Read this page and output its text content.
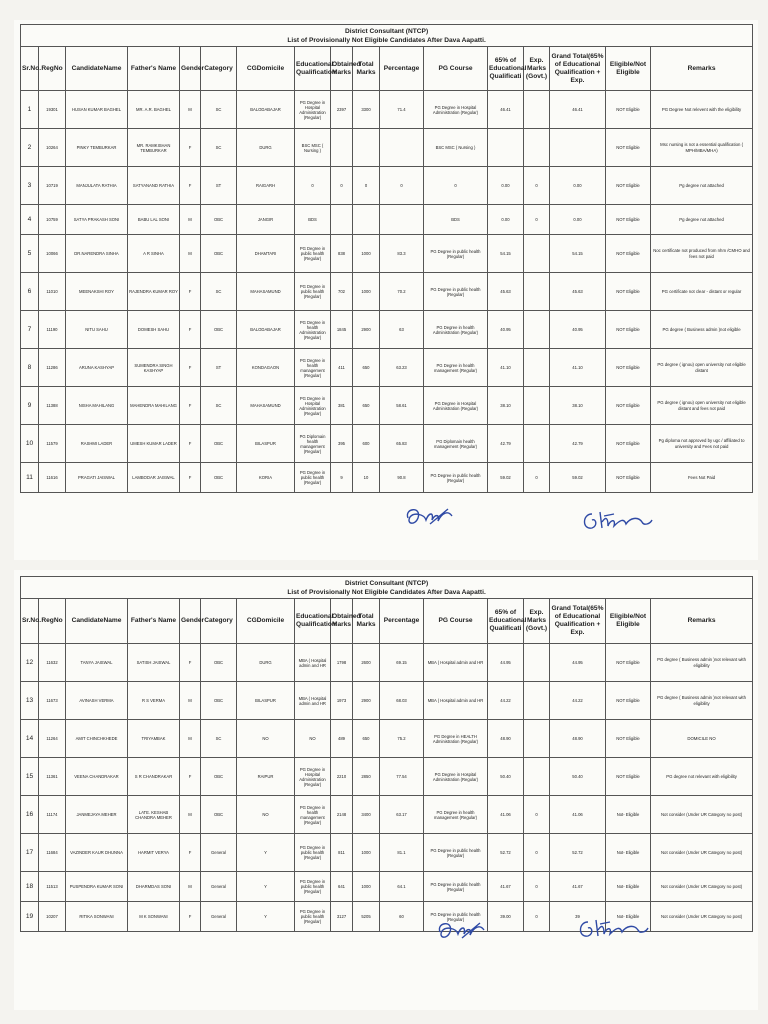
District Consultant (NTCP)
List of Provisionally Not Eligible Candidates After Dava Aapatti.																

Sr.No.	RegNo	CandidateName	Father's Name	Gender	Category	CGDomicile	Educational Qualification	Obtained Marks	Total Marks	Percentage	PG Course	65% of Educational Qualificati	Exp. Marks (Govt.)	Grand Total(65% of Educational Qualification + Exp.	Eligible/Not Eligible	Remarks
1	19301	HUSAN KUMAR BAGHEL	MR. A.R. BAGHEL	M	SC	BALODABAJAR	PG Degree in Hospital Administration (Regular)	2397	3300	71.4	PG Degree in Hospital Administration (Regular)	46.41		46.41	NOT Eligible	PG Degree Not relevent with the eligibility
2	10264	PINKY TEMBURKAR	MR. RAMKISHAN TEMBURKAR	F	SC	DURG	BSC MSC ( Nursing )				BSC MSC ( Nursing )				NOT Eligible	Msc nursing is not a essential qualification ( MPH/MBA/MHA)
3	10719	MANJULATA RATHIA	SATYANAND RATHIA	F	ST	RAIGARH	0	0	0	0	0	0.00	0	0.00	NOT Eligible	Pg degree not attached
4	10759	SATYA PRAKASH SONI	BABU LAL SONI	M	OBC	JANGIR	BDS				BDS	0.00	0	0.00	NOT Eligible	Pg degree not attached
5	10066	DR.NARENDRA SINHA	A R SINHA	M	OBC	DHAMTARI	PG Degree in public health (Regular)	838	1000	83.3	PG Degree in public health (Regular)	54.15		54.15	NOT Eligible	Noc certificate not produced from nhm /CMHO and fees not paid
6	11010	MEENAKSHI ROY	RAJENDRA KUMAR ROY	F	SC	MAHASAMUND	PG Degree in public health (Regular)	702	1000	70.2	PG Degree in public health (Regular)	45.63		45.63	NOT Eligible	PG certificate not clear - distant or regular
7	11190	NITU SAHU	DOMESH SAHU	F	OBC	BALODABAJAR	PG Degree in health Administration (Regular)	1845	2900	63	PG Degree in health Administration (Regular)	40.95		40.95	NOT Eligible	PG degree ( Business admin )not eligible
8	11286	ARUNA KASHYAP	SUMENDRA SINGH KASHYAP	F	ST	KONDAGAON	PG Degree in health management (Regular)	411	650	63.23	PG Degree in health management (Regular)	41.10		41.10	NOT Eligible	PG degree ( ignou) open university not eligible distant
9	11388	NISHA MAHILANG	MAHENDRA MAHILANG	F	SC	MAHASAMUND	PG Degree in Hospital Administration (Regular)	381	650	58.61	PG Degree in Hospital Administration (Regular)	38.10		38.10	NOT Eligible	PG degree ( ignou) open university not eligible distant and fees not paid
10	11579	RASHMI LADER	UMESH KUMAR LADER	F	OBC	BILASPUR	PG Diplomain health management (Regular)	395	600	65.83	PG Diplomain health management (Regular)	42.79		42.79	NOT Eligible	Pg diploma not approved by ugc / affiliated to university and Fees not paid
11	11616	PRAGATI JAISWAL	LAMBODAR JAISWAL	F	OBC	KORIA	PG Degree in public health (Regular)	9	10	90.8	PG Degree in public health (Regular)	59.02	0	59.02	NOT Eligible	Fees Not Paid
District Consultant (NTCP)
List of Provisionally Not Eligible Candidates After Dava Aapatti.																

Sr.No.	RegNo	CandidateName	Father's Name	Gender	Category	CGDomicile	Educational Qualification	Obtained Marks	Total Marks	Percentage	PG Course	65% of Educational Qualificati	Exp. Marks (Govt.)	Grand Total(65% of Educational Qualification + Exp.	Eligible/Not Eligible	Remarks
12	11632	TANYA JAISWAL	SATISH JAISWAL	F	OBC	DURG	MBA ( Hospital admin and HR	1798	2600	69.15	MBA ( Hospital admin and HR	44.95		44.95	NOT Eligible	PG degree ( Business admin )not relevant with eligibility
13	11673	AVINASH VERMA	R S VERMA	M	OBC	BILASPUR	MBA ( Hospital admin and HR	1973	2900	68.03	MBA ( Hospital admin and HR	44.22		44.22	NOT Eligible	PG degree ( Business admin )not relevant with eligibility
14	11264	AMIT CHINCHKHEDE	TRIYAMBAK	M	SC	NO	NO	489	650	75.2	PG Degree in HEALTH Administration (Regular)	48.90		48.90	NOT Eligible	DOMICILE NO
15	11361	VEENA CHANDRAKAR	S R CHANDRAKAR	F	OBC	RAIPUR	PG Degree in Hospital Administration (Regular)	2210	2850	77.54	PG Degree in Hospital Administration (Regular)	50.40		50.40	NOT Eligible	PG degree not relevant with eligibility
16	11174	JANMEJAYA MEHER	LATE. KESHAB CHANDRA MEHER	M	OBC	NO	PG Degree in health management (Regular)	2148	3400	63.17	PG Degree in health management (Regular)	41.06	0	41.06	Not- Eligible	Not consider (Under UR Category no post)
17	11684	VAZINDER KAUR DHUNNA	HARMIT VERYA	F	General	Y	PG Degree in public health (Regular)	811	1000	81.1	PG Degree in public health (Regular)	52.72	0	52.72	Not- Eligible	Not consider (Under UR Category no post)
18	11513	PUSPENDRA KUMAR SONI	DHARMDAS SONI	M	General	Y	PG Degree in public health (Regular)	641	1000	64.1	PG Degree in public health (Regular)	41.67	0	41.67	Not- Eligible	Not consider (Under UR Category no post)
19	10207	RITIKA SONWANI	M K SONWANI	F	General	Y	PG Degree in public health (Regular)	3127	5205	60	PG Degree in public health (Regular)	39.00	0	39	Not- Eligible	Not consider (Under UR Category no post)
